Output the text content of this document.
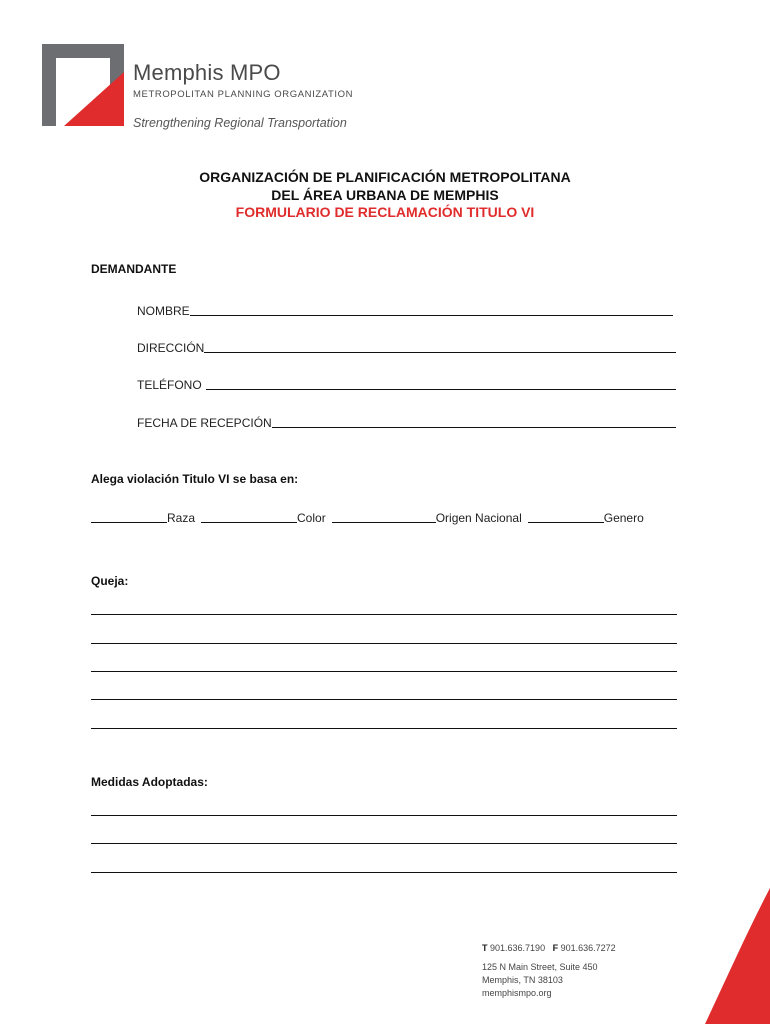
Memphis MPO
METROPOLITAN PLANNING ORGANIZATION
Strengthening Regional Transportation
ORGANIZACIÓN DE PLANIFICACIÓN METROPOLITANA
DEL ÁREA URBANA DE MEMPHIS
FORMULARIO DE RECLAMACIÓN TITULO VI
DEMANDANTE
NOMBRE
DIRECCIÓN
TELÉFONO
FECHA DE RECEPCIÓN
Alega violación Titulo VI se basa en:
Raza	Color	Origen Nacional	Genero
Queja:
Medidas Adoptadas:
T 901.636.7190 F 901.636.7272
125 N Main Street, Suite 450
Memphis, TN 38103
memphismpo.org
